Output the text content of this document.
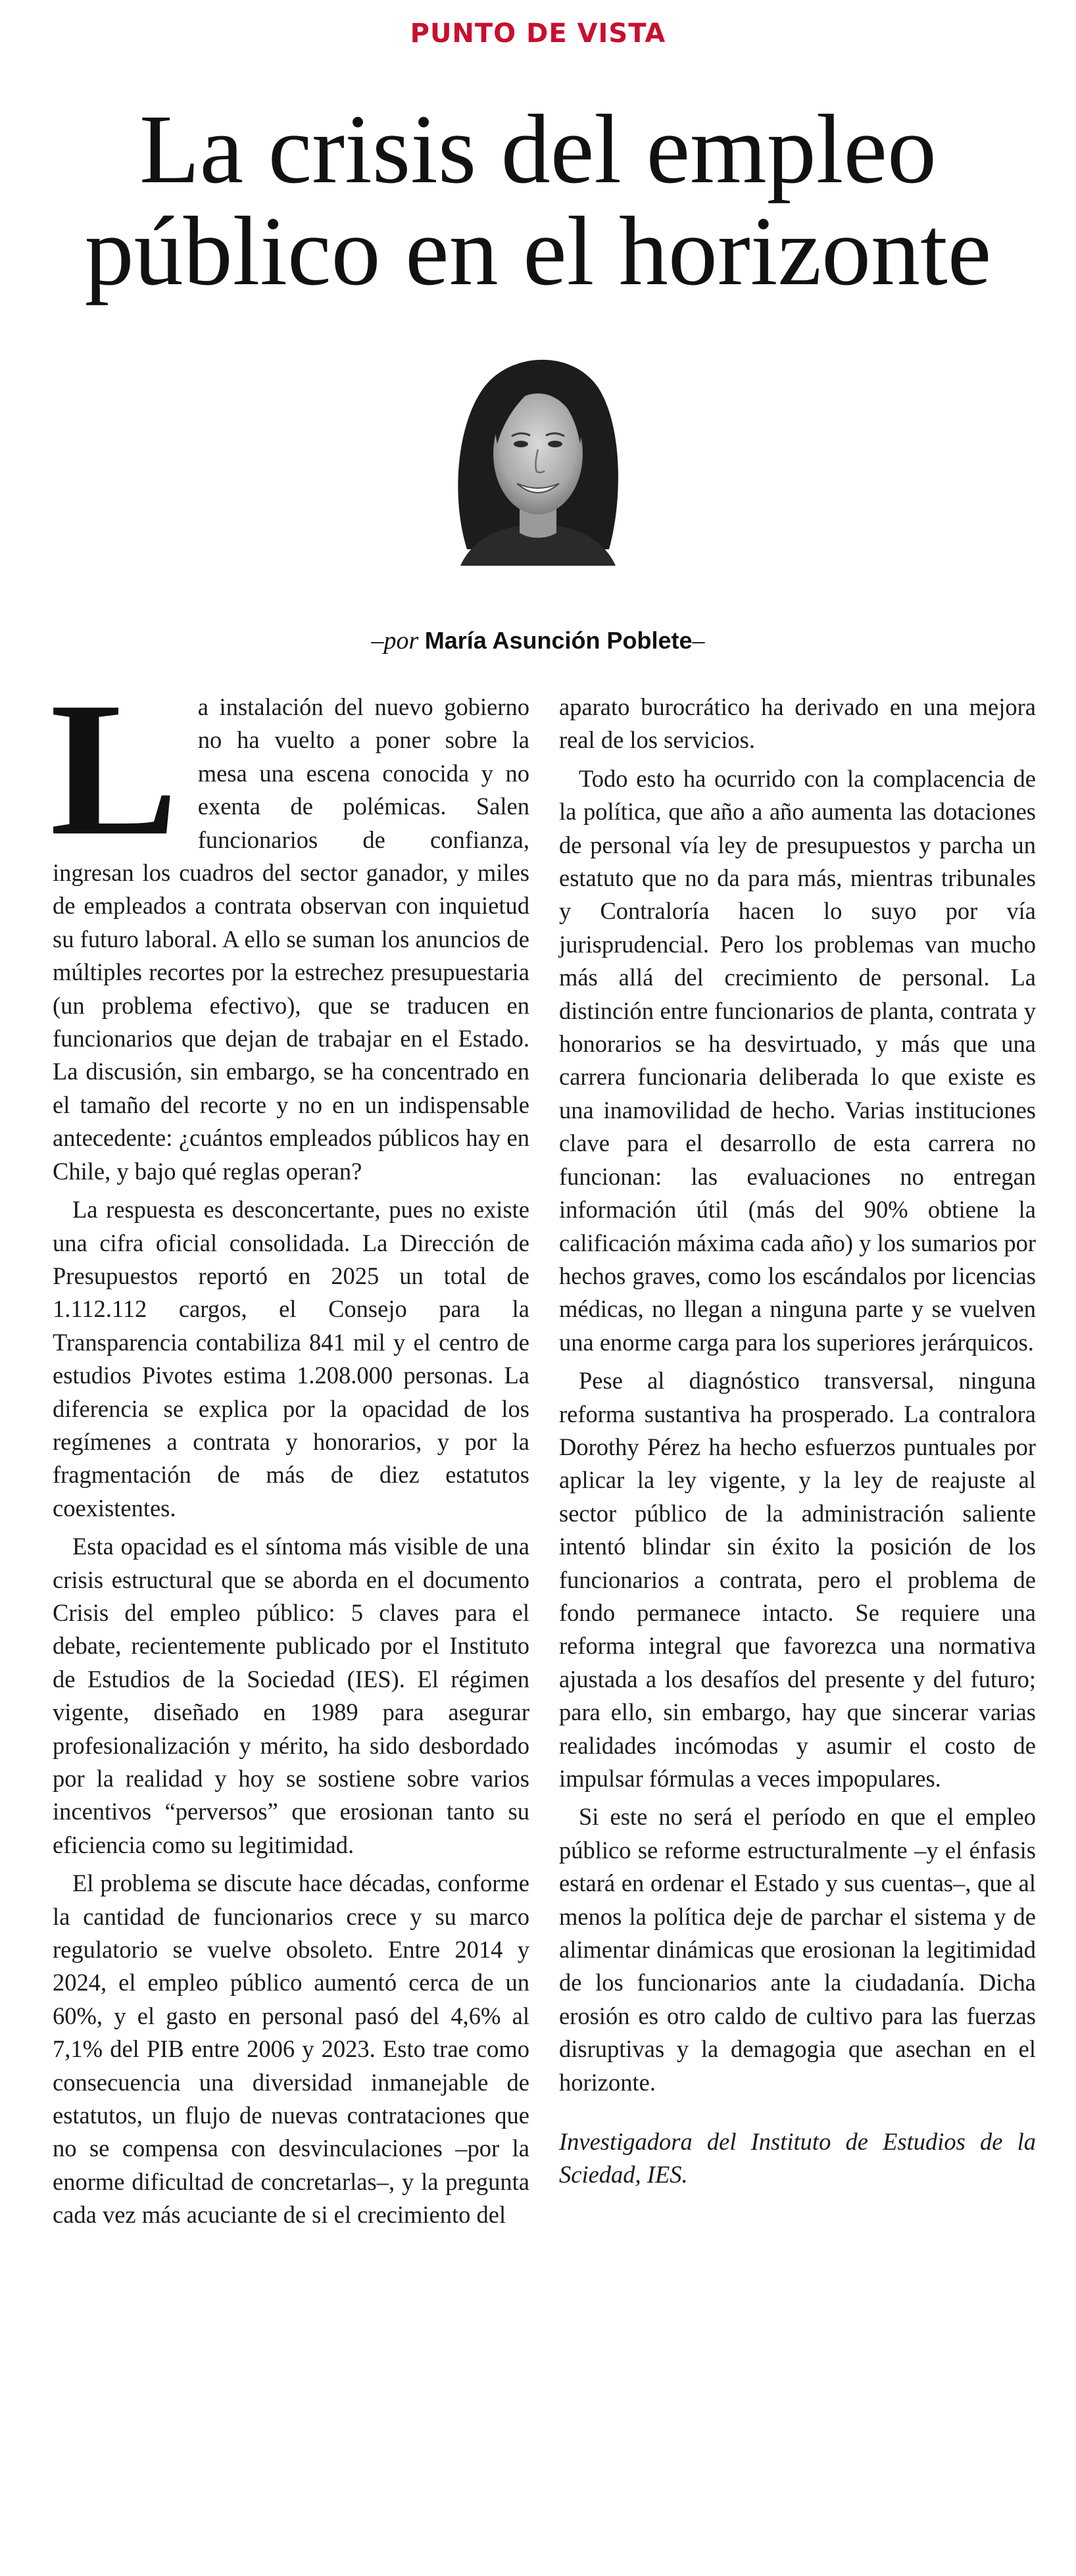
PUNTO DE VISTA
La crisis del empleo
público en el horizonte
–por María Asunción Poblete–

La instalación del nuevo gobierno no ha vuelto a poner sobre la mesa una escena conocida y no exenta de polémicas. Salen funcionarios de confianza, ingresan los cuadros del sector ganador, y miles de empleados a contrata observan con inquietud su futuro laboral. A ello se suman los anuncios de múltiples recortes por la estrechez presupuestaria (un problema efectivo), que se traducen en funcionarios que dejan de trabajar en el Estado. La discusión, sin embargo, se ha concentrado en el tamaño del recorte y no en un indispensable antecedente: ¿cuántos empleados públicos hay en Chile, y bajo qué reglas operan?

La respuesta es desconcertante, pues no existe una cifra oficial consolidada. La Dirección de Presupuestos reportó en 2025 un total de 1.112.112 cargos, el Consejo para la Transparencia contabiliza 841 mil y el centro de estudios Pivotes estima 1.208.000 personas. La diferencia se explica por la opacidad de los regímenes a contrata y honorarios, y por la fragmentación de más de diez estatutos coexistentes.

Esta opacidad es el síntoma más visible de una crisis estructural que se aborda en el documento Crisis del empleo público: 5 claves para el debate, recientemente publicado por el Instituto de Estudios de la Sociedad (IES). El régimen vigente, diseñado en 1989 para asegurar profesionalización y mérito, ha sido desbordado por la realidad y hoy se sostiene sobre varios incentivos “perversos” que erosionan tanto su eficiencia como su legitimidad.

El problema se discute hace décadas, conforme la cantidad de funcionarios crece y su marco regulatorio se vuelve obsoleto. Entre 2014 y 2024, el empleo público aumentó cerca de un 60%, y el gasto en personal pasó del 4,6% al 7,1% del PIB entre 2006 y 2023. Esto trae como consecuencia una diversidad inmanejable de estatutos, un flujo de nuevas contrataciones que no se compensa con desvinculaciones –por la enorme dificultad de concretarlas–, y la pregunta cada vez más acuciante de si el crecimiento del

aparato burocrático ha derivado en una mejora real de los servicios.

Todo esto ha ocurrido con la complacencia de la política, que año a año aumenta las dotaciones de personal vía ley de presupuestos y parcha un estatuto que no da para más, mientras tribunales y Contraloría hacen lo suyo por vía jurisprudencial. Pero los problemas van mucho más allá del crecimiento de personal. La distinción entre funcionarios de planta, contrata y honorarios se ha desvirtuado, y más que una carrera funcionaria deliberada lo que existe es una inamovilidad de hecho. Varias instituciones clave para el desarrollo de esta carrera no funcionan: las evaluaciones no entregan información útil (más del 90% obtiene la calificación máxima cada año) y los sumarios por hechos graves, como los escándalos por licencias médicas, no llegan a ninguna parte y se vuelven una enorme carga para los superiores jerárquicos.

Pese al diagnóstico transversal, ninguna reforma sustantiva ha prosperado. La contralora Dorothy Pérez ha hecho esfuerzos puntuales por aplicar la ley vigente, y la ley de reajuste al sector público de la administración saliente intentó blindar sin éxito la posición de los funcionarios a contrata, pero el problema de fondo permanece intacto. Se requiere una reforma integral que favorezca una normativa ajustada a los desafíos del presente y del futuro; para ello, sin embargo, hay que sincerar varias realidades incómodas y asumir el costo de impulsar fórmulas a veces impopulares.

Si este no será el período en que el empleo público se reforme estructuralmente –y el énfasis estará en ordenar el Estado y sus cuentas–, que al menos la política deje de parchar el sistema y de alimentar dinámicas que erosionan la legitimidad de los funcionarios ante la ciudadanía. Dicha erosión es otro caldo de cultivo para las fuerzas disruptivas y la demagogia que asechan en el horizonte.

Investigadora del Instituto de Estudios de la Sciedad, IES.
